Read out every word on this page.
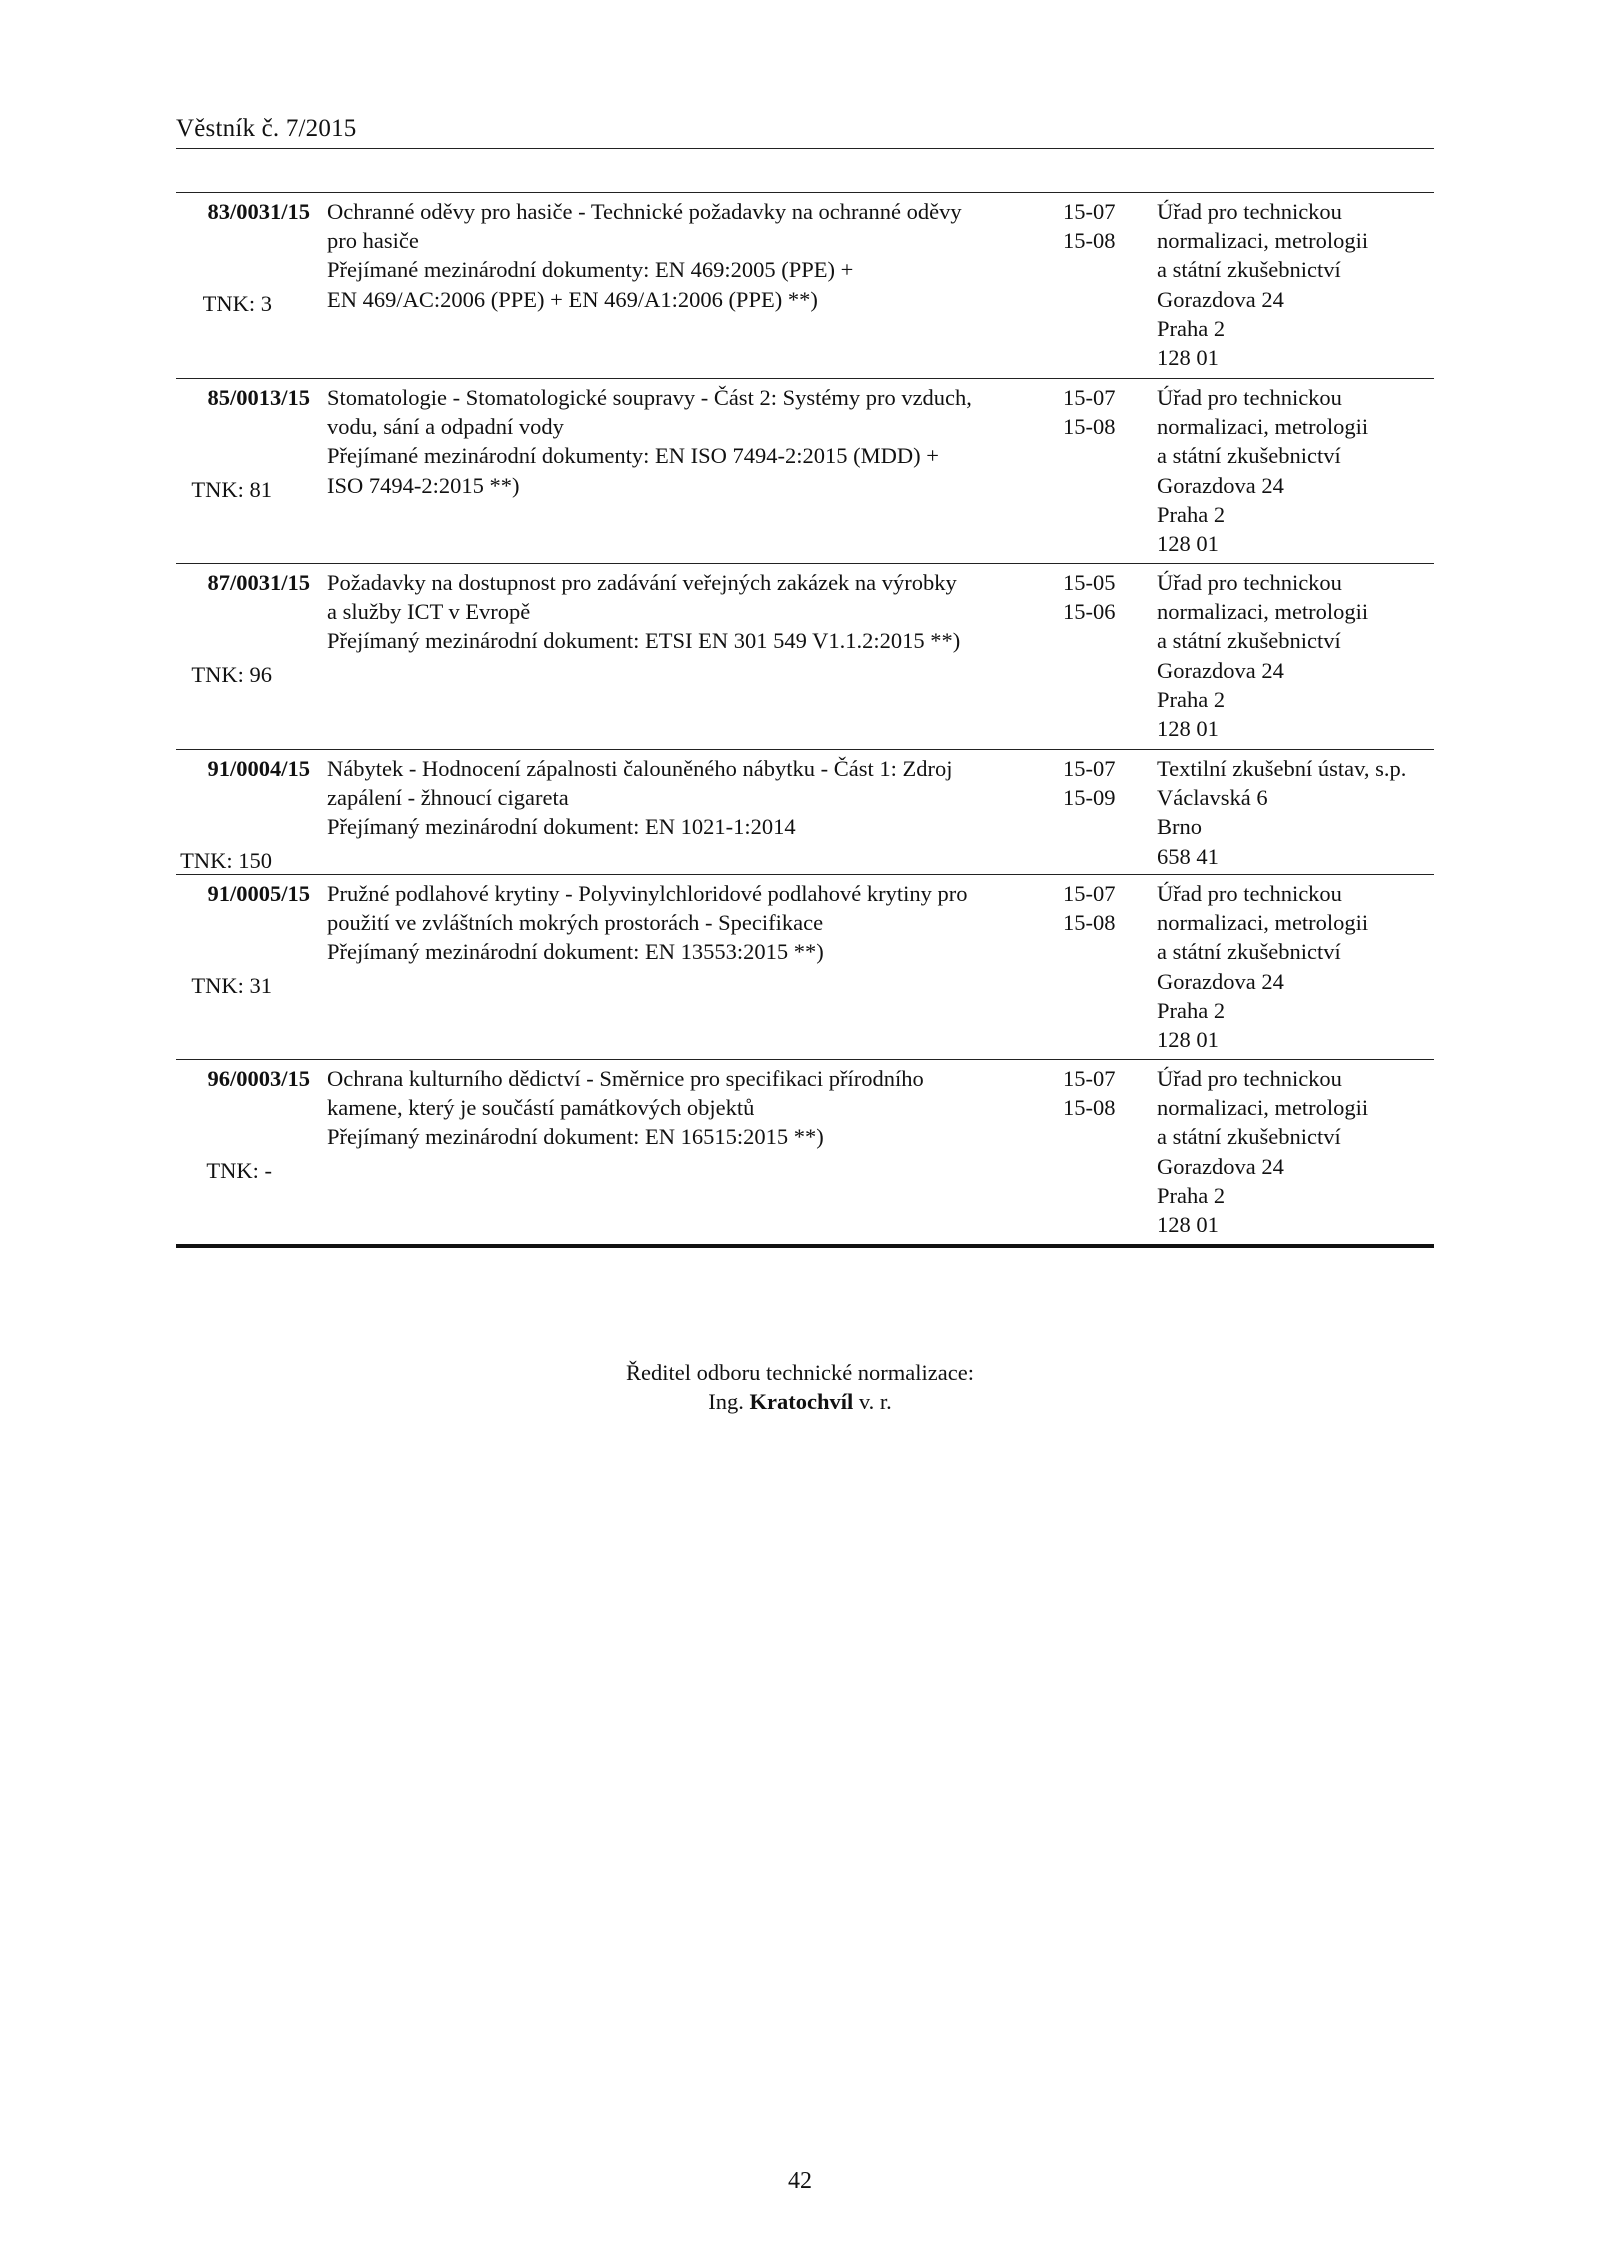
Věstník č. 7/2015
83/0031/15
TNK: 3
Ochranné oděvy pro hasiče - Technické požadavky na ochranné oděvy
pro hasiče
Přejímané mezinárodní dokumenty: EN 469:2005 (PPE) +
EN 469/AC:2006 (PPE) + EN 469/A1:2006 (PPE) **)
15-07
15-08
Úřad pro technickou
normalizaci, metrologii
a státní zkušebnictví
Gorazdova 24
Praha 2
128 01
85/0013/15
TNK: 81
Stomatologie - Stomatologické soupravy - Část 2: Systémy pro vzduch,
vodu, sání a odpadní vody
Přejímané mezinárodní dokumenty: EN ISO 7494-2:2015 (MDD) +
ISO 7494-2:2015 **)
15-07
15-08
Úřad pro technickou
normalizaci, metrologii
a státní zkušebnictví
Gorazdova 24
Praha 2
128 01
87/0031/15
TNK: 96
Požadavky na dostupnost pro zadávání veřejných zakázek na výrobky
a služby ICT v Evropě
Přejímaný mezinárodní dokument: ETSI EN 301 549 V1.1.2:2015 **)
15-05
15-06
Úřad pro technickou
normalizaci, metrologii
a státní zkušebnictví
Gorazdova 24
Praha 2
128 01
91/0004/15
TNK: 150
Nábytek - Hodnocení zápalnosti čalouněného nábytku - Část 1: Zdroj
zapálení - žhnoucí cigareta
Přejímaný mezinárodní dokument: EN 1021-1:2014
15-07
15-09
Textilní zkušební ústav, s.p.
Václavská 6
Brno
658 41
91/0005/15
TNK: 31
Pružné podlahové krytiny - Polyvinylchloridové podlahové krytiny pro
použití ve zvláštních mokrých prostorách - Specifikace
Přejímaný mezinárodní dokument: EN 13553:2015 **)
15-07
15-08
Úřad pro technickou
normalizaci, metrologii
a státní zkušebnictví
Gorazdova 24
Praha 2
128 01
96/0003/15
TNK: -
Ochrana kulturního dědictví - Směrnice pro specifikaci přírodního
kamene, který je součástí památkových objektů
Přejímaný mezinárodní dokument: EN 16515:2015 **)
15-07
15-08
Úřad pro technickou
normalizaci, metrologii
a státní zkušebnictví
Gorazdova 24
Praha 2
128 01
Ředitel odboru technické normalizace:
Ing. Kratochvíl v. r.
42
